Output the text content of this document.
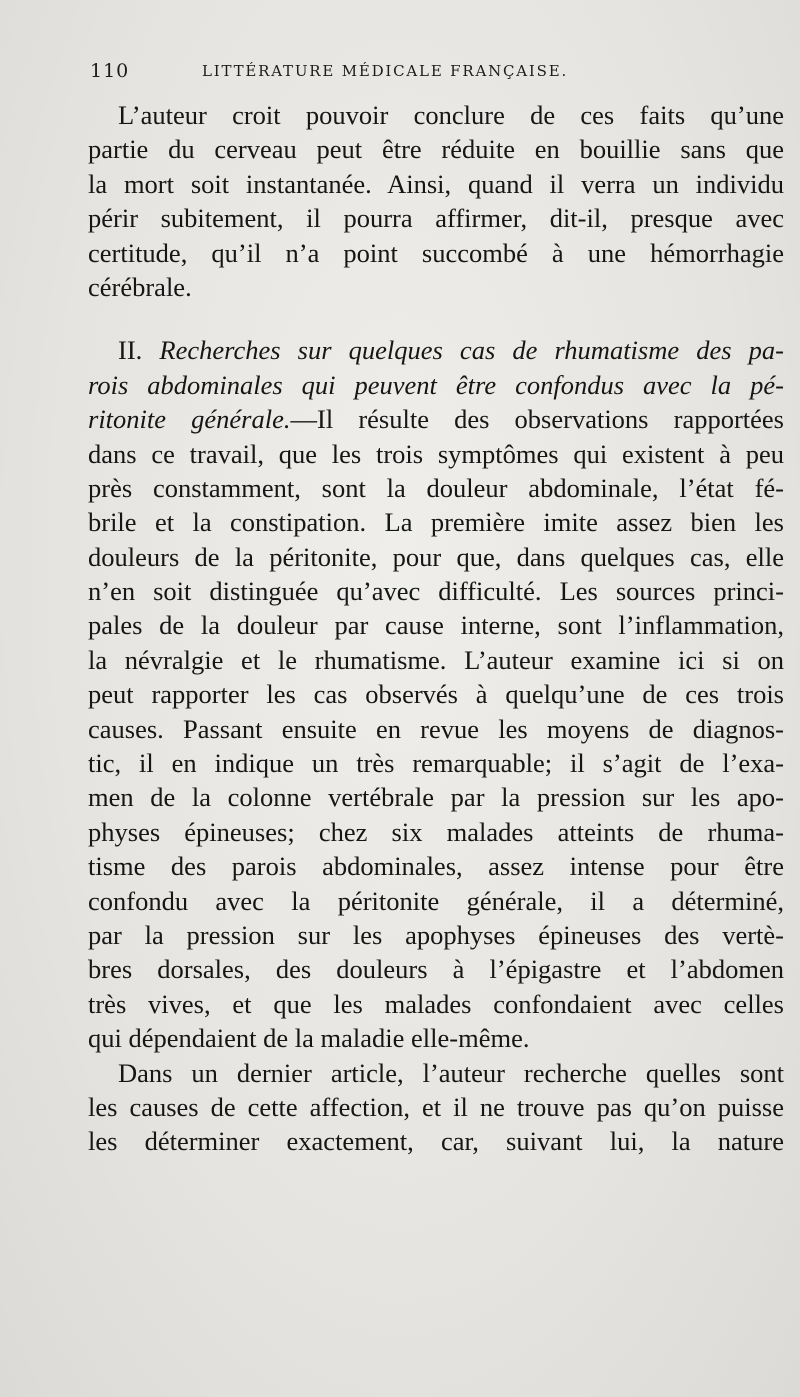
110	LITTÉRATURE MÉDICALE FRANÇAISE.
L’auteur croit pouvoir conclure de ces faits qu’une
partie du cerveau peut être réduite en bouillie sans que
la mort soit instantanée. Ainsi, quand il verra un individu
périr subitement, il pourra affirmer, dit-il, presque avec
certitude, qu’il n’a point succombé à une hémorrhagie
cérébrale.
II. Recherches sur quelques cas de rhumatisme des pa-
rois abdominales qui peuvent être confondus avec la pé-
ritonite générale.—Il résulte des observations rapportées
dans ce travail, que les trois symptômes qui existent à peu
près constamment, sont la douleur abdominale, l’état fé-
brile et la constipation. La première imite assez bien les
douleurs de la péritonite, pour que, dans quelques cas, elle
n’en soit distinguée qu’avec difficulté. Les sources princi-
pales de la douleur par cause interne, sont l’inflammation,
la névralgie et le rhumatisme. L’auteur examine ici si on
peut rapporter les cas observés à quelqu’une de ces trois
causes. Passant ensuite en revue les moyens de diagnos-
tic, il en indique un très remarquable; il s’agit de l’exa-
men de la colonne vertébrale par la pression sur les apo-
physes épineuses; chez six malades atteints de rhuma-
tisme des parois abdominales, assez intense pour être
confondu avec la péritonite générale, il a déterminé,
par la pression sur les apophyses épineuses des vertè-
bres dorsales, des douleurs à l’épigastre et l’abdomen
très vives, et que les malades confondaient avec celles
qui dépendaient de la maladie elle-même.
Dans un dernier article, l’auteur recherche quelles sont
les causes de cette affection, et il ne trouve pas qu’on puisse
les déterminer exactement, car, suivant lui, la nature
